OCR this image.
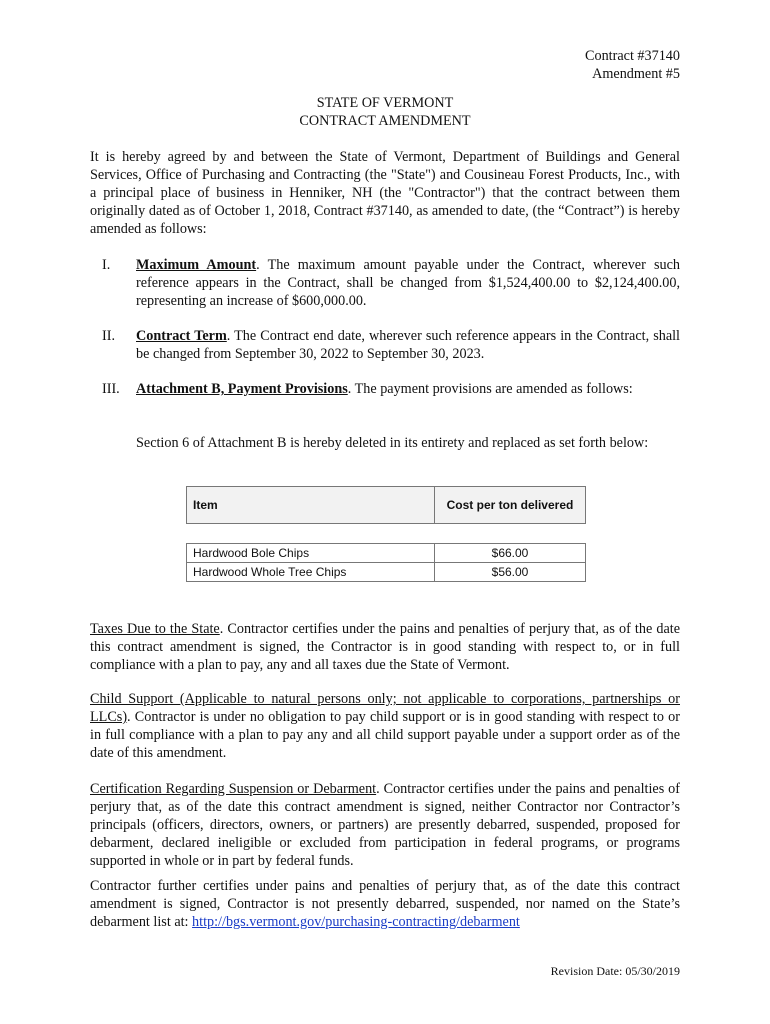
Contract #37140
Amendment #5
STATE OF VERMONT
CONTRACT AMENDMENT

It is hereby agreed by and between the State of Vermont, Department of Buildings and General Services, Office of Purchasing and Contracting (the "State") and Cousineau Forest Products, Inc., with a principal place of business in Henniker, NH (the "Contractor") that the contract between them originally dated as of October 1, 2018, Contract #37140, as amended to date, (the “Contract”) is hereby amended as follows:

I. Maximum Amount. The maximum amount payable under the Contract, wherever such reference appears in the Contract, shall be changed from $1,524,400.00 to $2,124,400.00, representing an increase of $600,000.00.

II. Contract Term. The Contract end date, wherever such reference appears in the Contract, shall be changed from September 30, 2022 to September 30, 2023.

III. Attachment B, Payment Provisions. The payment provisions are amended as follows:

Section 6 of Attachment B is hereby deleted in its entirety and replaced as set forth below:

Item	Cost per ton delivered
Hardwood Bole Chips	$66.00
Hardwood Whole Tree Chips	$56.00

Taxes Due to the State. Contractor certifies under the pains and penalties of perjury that, as of the date this contract amendment is signed, the Contractor is in good standing with respect to, or in full compliance with a plan to pay, any and all taxes due the State of Vermont.

Child Support (Applicable to natural persons only; not applicable to corporations, partnerships or LLCs). Contractor is under no obligation to pay child support or is in good standing with respect to or in full compliance with a plan to pay any and all child support payable under a support order as of the date of this amendment.

Certification Regarding Suspension or Debarment. Contractor certifies under the pains and penalties of perjury that, as of the date this contract amendment is signed, neither Contractor nor Contractor’s principals (officers, directors, owners, or partners) are presently debarred, suspended, proposed for debarment, declared ineligible or excluded from participation in federal programs, or programs supported in whole or in part by federal funds.

Contractor further certifies under pains and penalties of perjury that, as of the date this contract amendment is signed, Contractor is not presently debarred, suspended, nor named on the State’s debarment list at: http://bgs.vermont.gov/purchasing-contracting/debarment

Revision Date: 05/30/2019
